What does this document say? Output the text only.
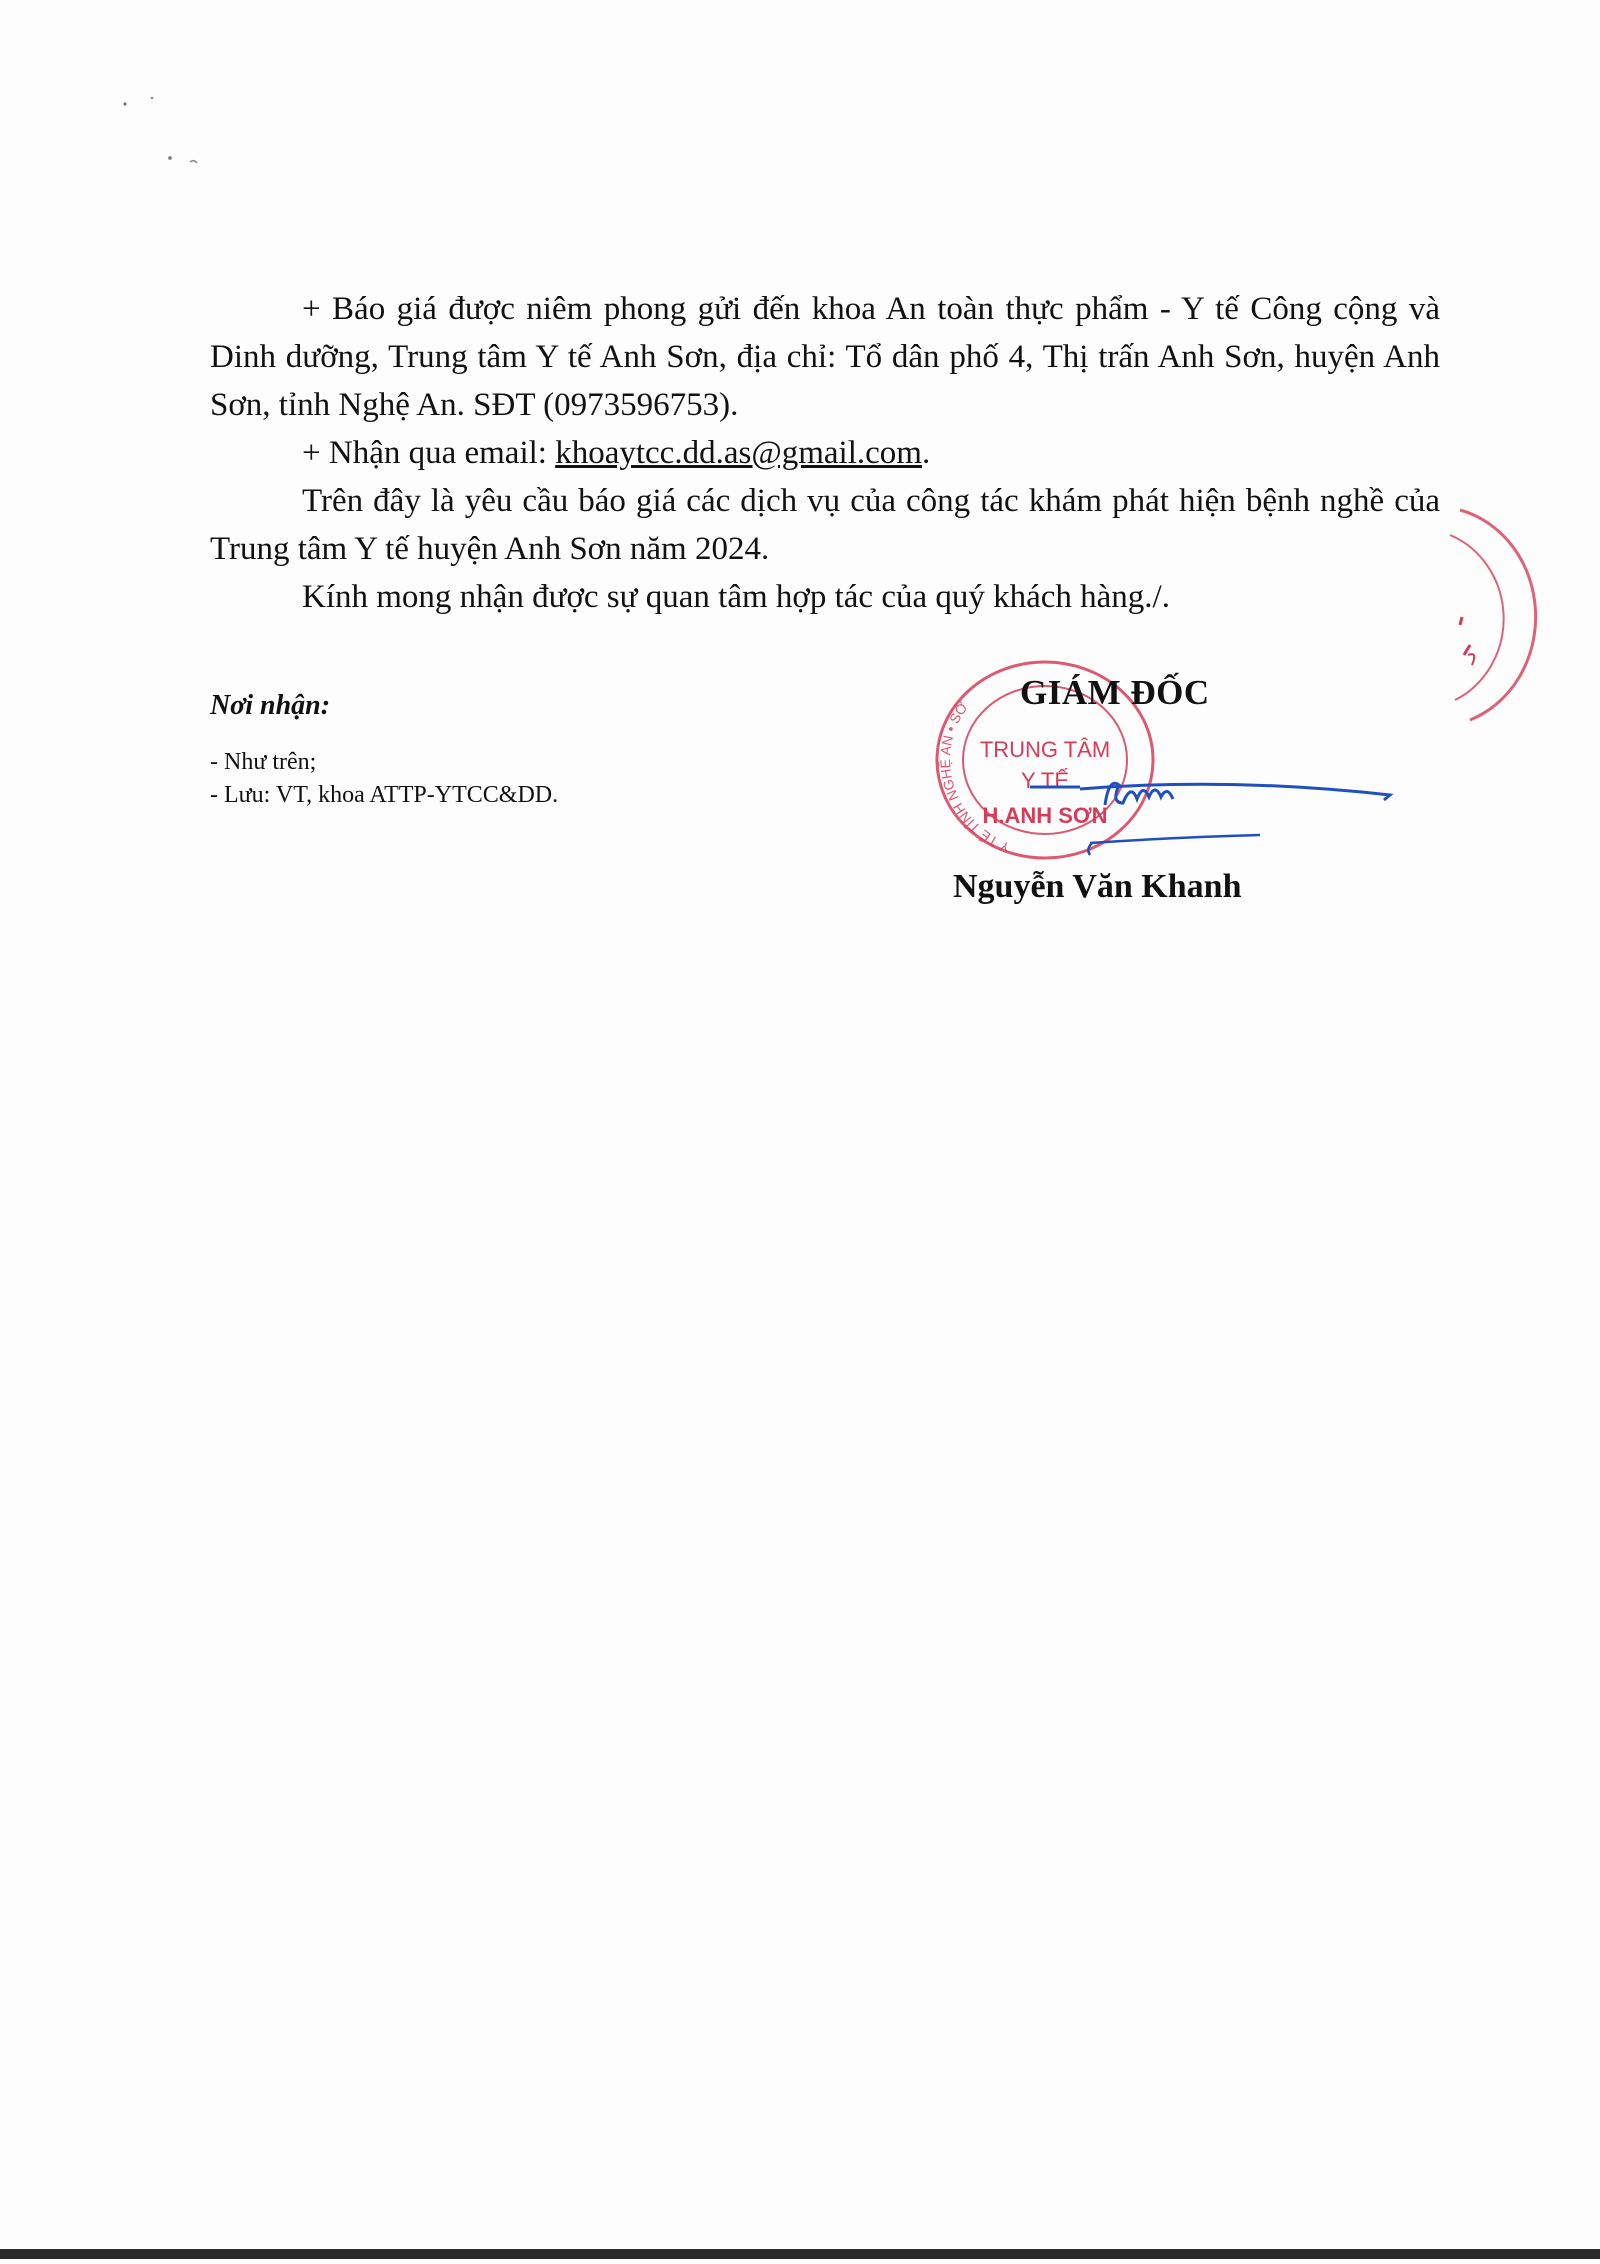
+ Báo giá được niêm phong gửi đến khoa An toàn thực phẩm - Y tế Công cộng và Dinh dưỡng, Trung tâm Y tế Anh Sơn, địa chỉ: Tổ dân phố 4, Thị trấn Anh Sơn, huyện Anh Sơn, tỉnh Nghệ An. SĐT (0973596753).

+ Nhận qua email: khoaytcc.dd.as@gmail.com.

Trên đây là yêu cầu báo giá các dịch vụ của công tác khám phát hiện bệnh nghề của Trung tâm Y tế huyện Anh Sơn năm 2024.

Kính mong nhận được sự quan tâm hợp tác của quý khách hàng./.

Nơi nhận:

- Như trên;

- Lưu: VT, khoa ATTP-YTCC&DD.

Y TẾ TỈNH NGHỆ AN • SỞ
TRUNG TÂM
Y TẾ
H.ANH SƠN
GIÁM ĐỐC
Nguyễn Văn Khanh
